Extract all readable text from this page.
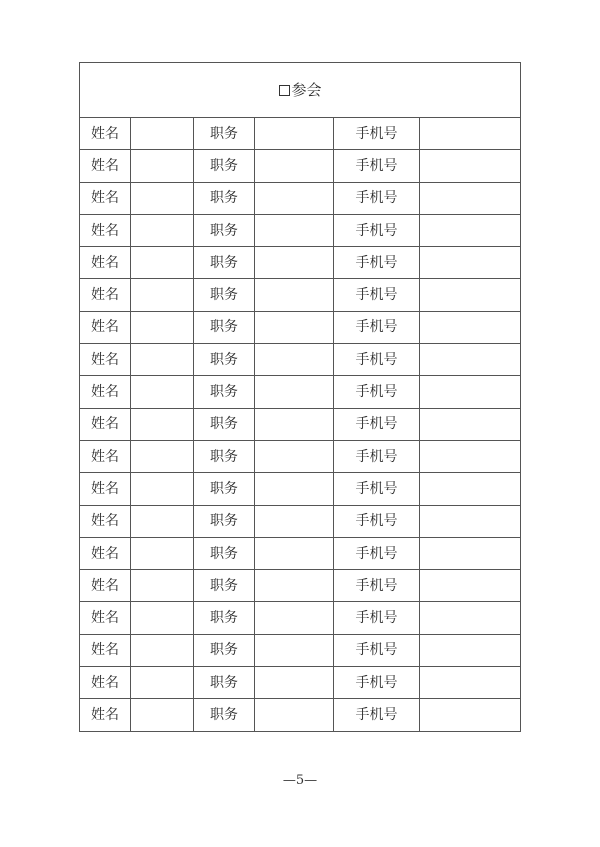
参会					
姓名		职务		手机号	
姓名		职务		手机号	
姓名		职务		手机号	
姓名		职务		手机号	
姓名		职务		手机号	
姓名		职务		手机号	
姓名		职务		手机号	
姓名		职务		手机号	
姓名		职务		手机号	
姓名		职务		手机号	
姓名		职务		手机号	
姓名		职务		手机号	
姓名		职务		手机号	
姓名		职务		手机号	
姓名		职务		手机号	
姓名		职务		手机号	
姓名		职务		手机号	
姓名		职务		手机号	
姓名		职务		手机号	
—5—
